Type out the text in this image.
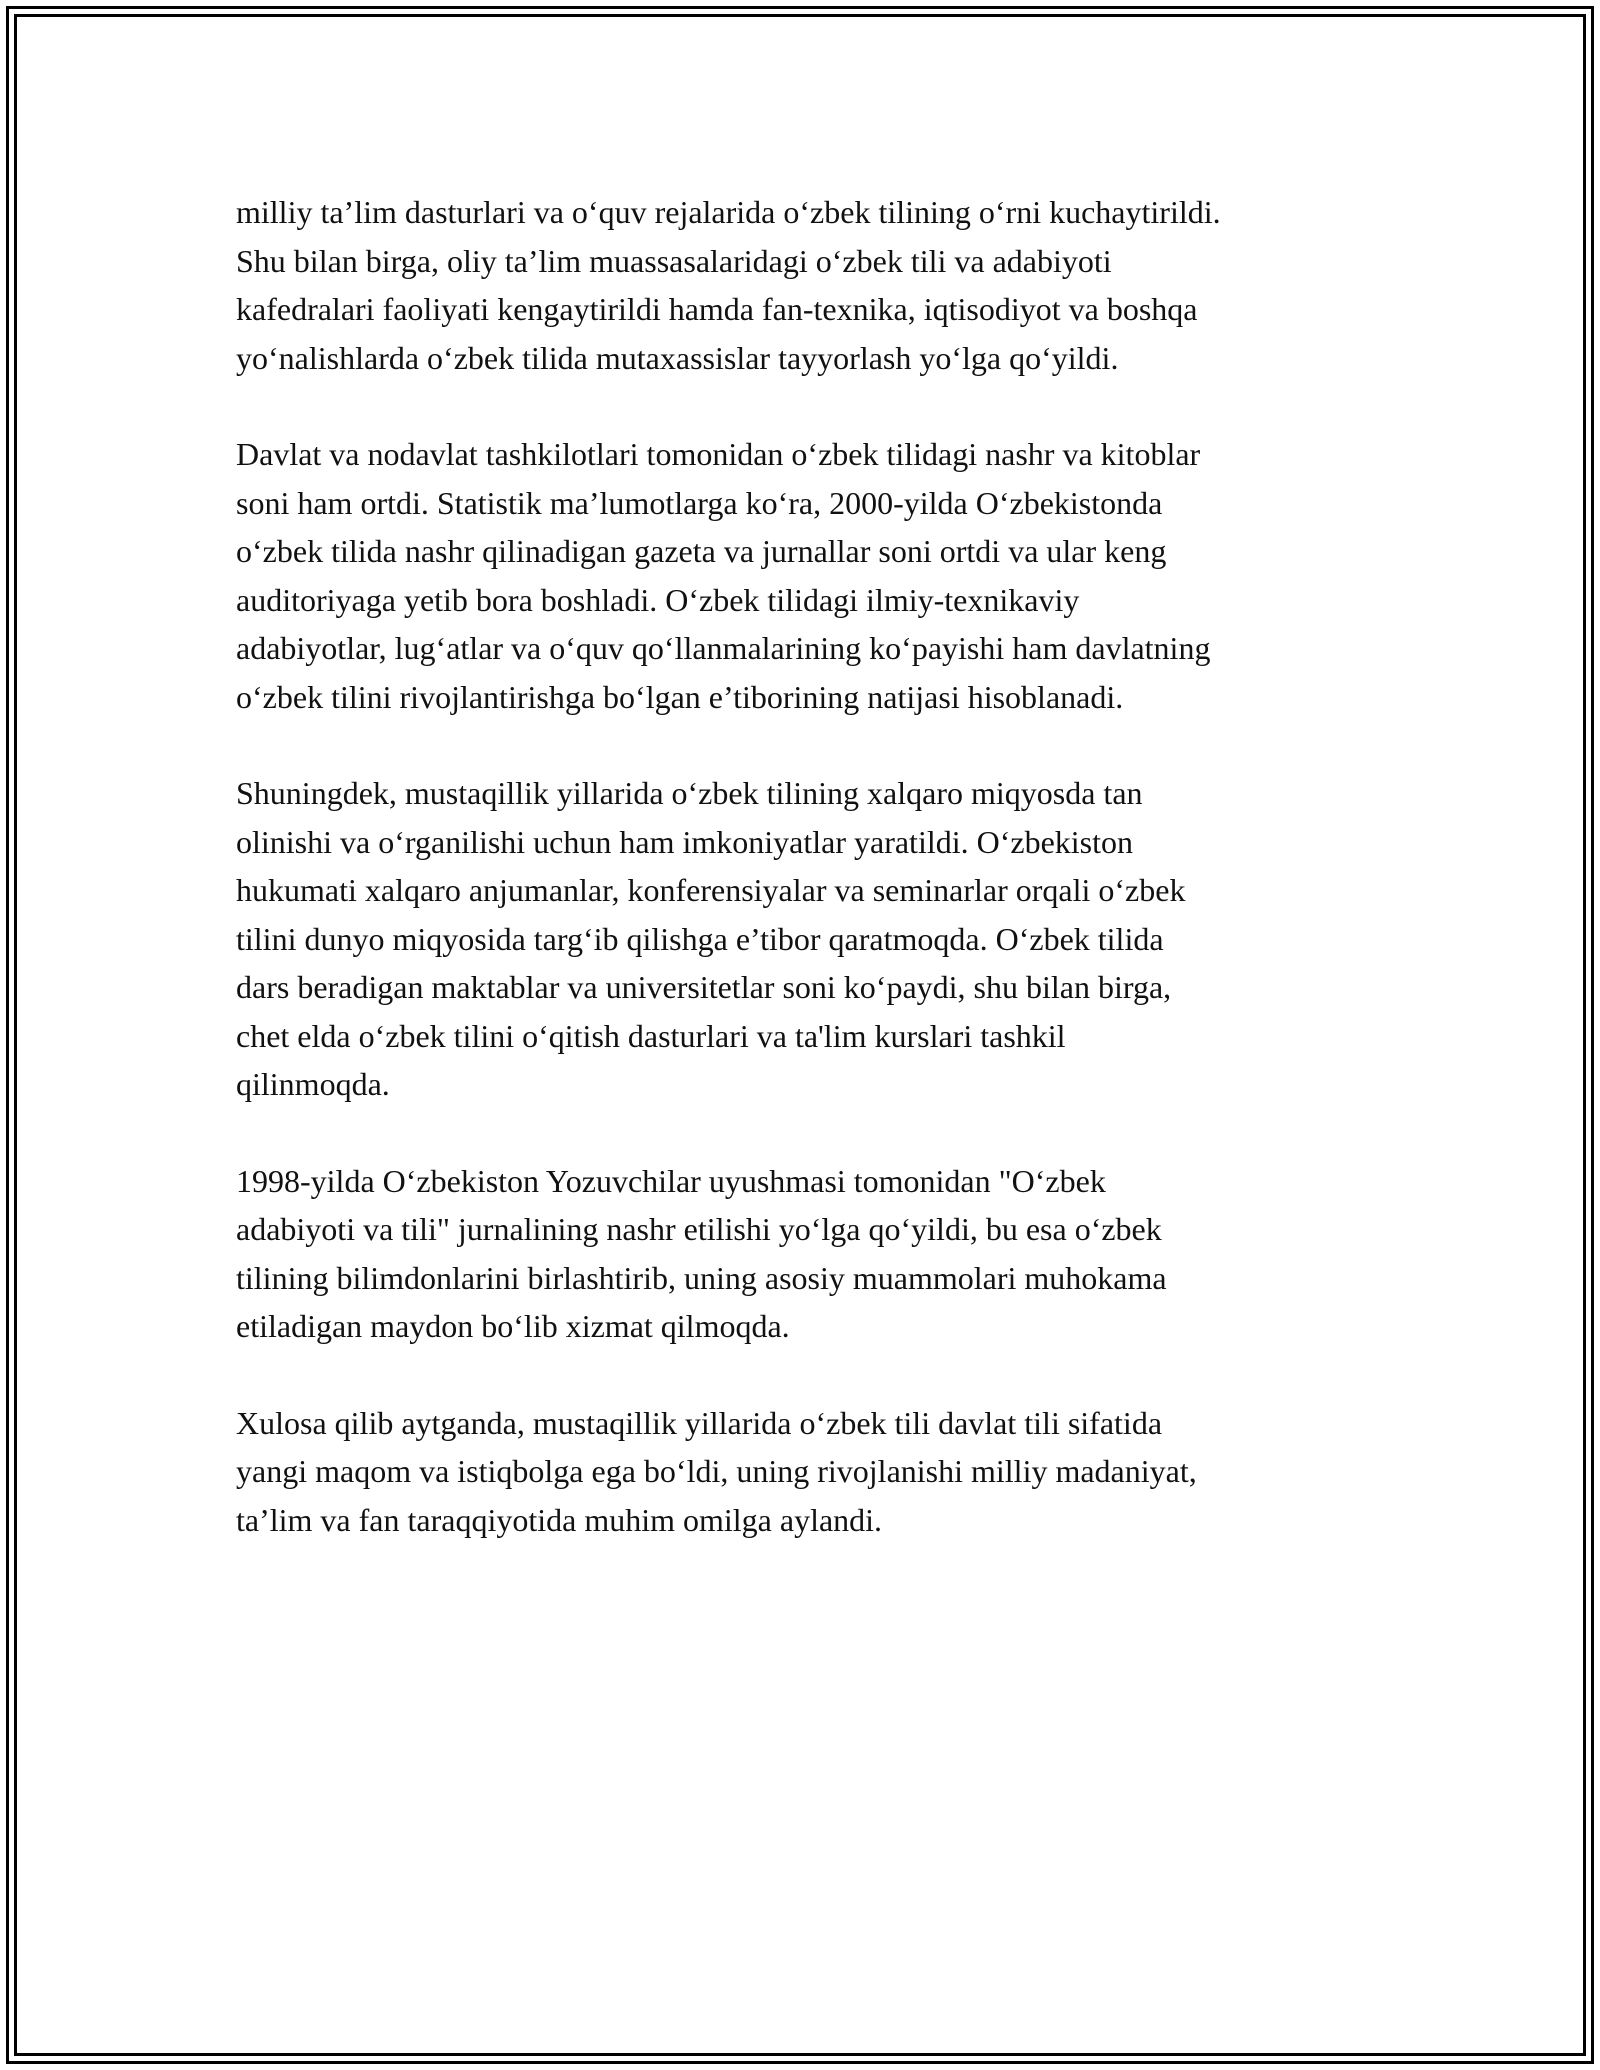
milliy ta’lim dasturlari va o‘quv rejalarida o‘zbek tilining o‘rni kuchaytirildi.
Shu bilan birga, oliy ta’lim muassasalaridagi o‘zbek tili va adabiyoti
kafedralari faoliyati kengaytirildi hamda fan-texnika, iqtisodiyot va boshqa
yo‘nalishlarda o‘zbek tilida mutaxassislar tayyorlash yo‘lga qo‘yildi.

Davlat va nodavlat tashkilotlari tomonidan o‘zbek tilidagi nashr va kitoblar
soni ham ortdi. Statistik ma’lumotlarga ko‘ra, 2000-yilda O‘zbekistonda
o‘zbek tilida nashr qilinadigan gazeta va jurnallar soni ortdi va ular keng
auditoriyaga yetib bora boshladi. O‘zbek tilidagi ilmiy-texnikaviy
adabiyotlar, lug‘atlar va o‘quv qo‘llanmalarining ko‘payishi ham davlatning
o‘zbek tilini rivojlantirishga bo‘lgan e’tiborining natijasi hisoblanadi.

Shuningdek, mustaqillik yillarida o‘zbek tilining xalqaro miqyosda tan
olinishi va o‘rganilishi uchun ham imkoniyatlar yaratildi. O‘zbekiston
hukumati xalqaro anjumanlar, konferensiyalar va seminarlar orqali o‘zbek
tilini dunyo miqyosida targ‘ib qilishga e’tibor qaratmoqda. O‘zbek tilida
dars beradigan maktablar va universitetlar soni ko‘paydi, shu bilan birga,
chet elda o‘zbek tilini o‘qitish dasturlari va ta'lim kurslari tashkil
qilinmoqda.

1998-yilda O‘zbekiston Yozuvchilar uyushmasi tomonidan "O‘zbek
adabiyoti va tili" jurnalining nashr etilishi yo‘lga qo‘yildi, bu esa o‘zbek
tilining bilimdonlarini birlashtirib, uning asosiy muammolari muhokama
etiladigan maydon bo‘lib xizmat qilmoqda.

Xulosa qilib aytganda, mustaqillik yillarida o‘zbek tili davlat tili sifatida
yangi maqom va istiqbolga ega bo‘ldi, uning rivojlanishi milliy madaniyat,
ta’lim va fan taraqqiyotida muhim omilga aylandi.
